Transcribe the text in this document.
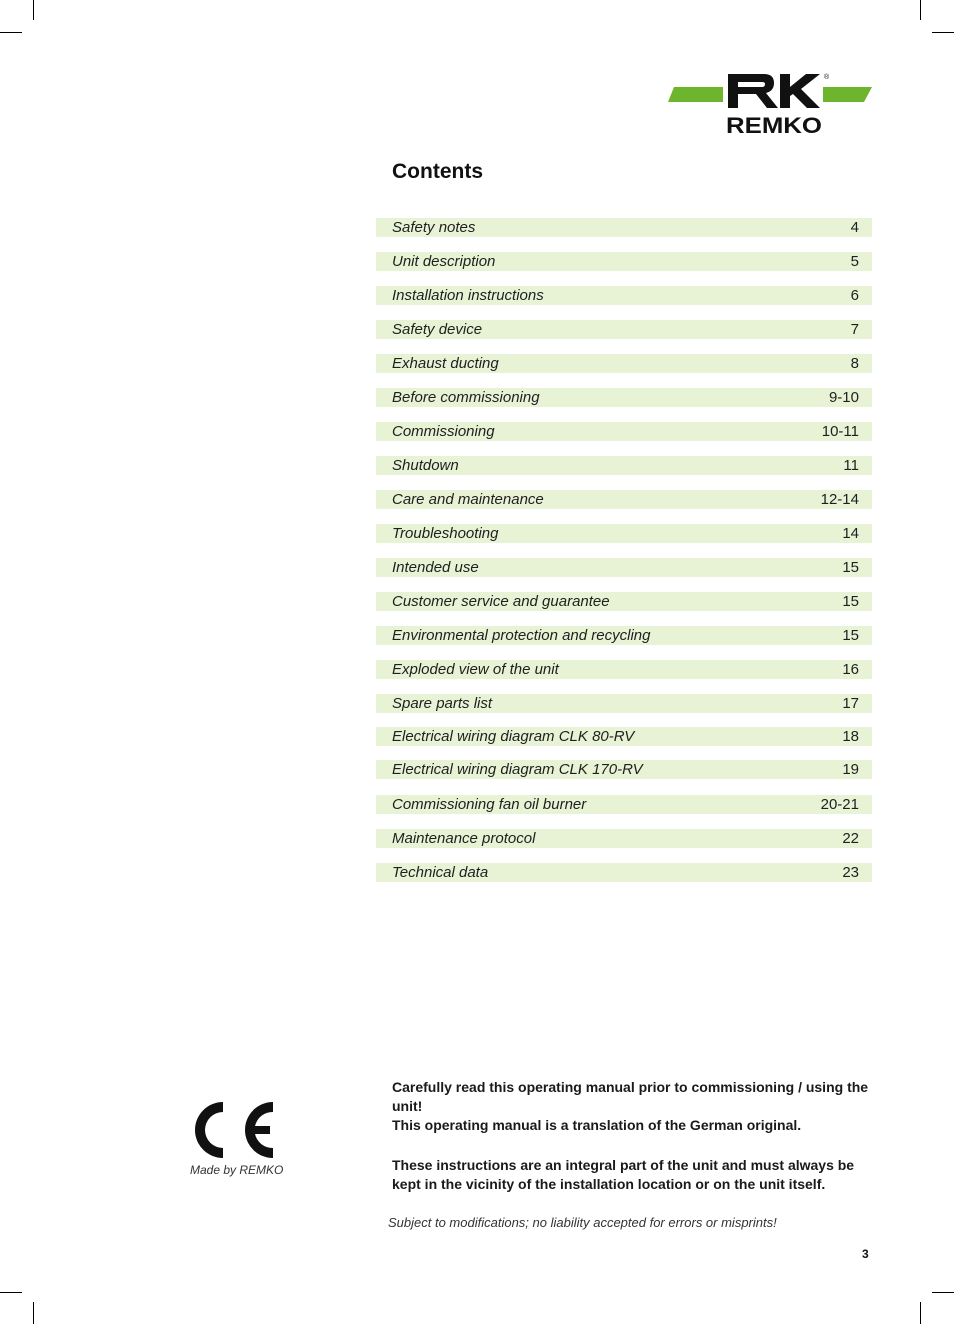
®
REMKO
Contents
Safety notes	4
Unit description	5
Installation instructions	6
Safety device	7
Exhaust ducting	8
Before commissioning	9-10
Commissioning	10-11
Shutdown	11
Care and maintenance	12-14
Troubleshooting	14
Intended use	15
Customer service and guarantee	15
Environmental protection and recycling	15
Exploded view of the unit	16
Spare parts list	17
Electrical wiring diagram CLK 80-RV	18
Electrical wiring diagram CLK 170-RV	19
Commissioning fan oil burner	20-21
Maintenance protocol	22
Technical data	23
Made by REMKO

Carefully read this operating manual prior to commissioning / using the unit!

This operating manual is a translation of the German original.

These instructions are an integral part of the unit and must always be kept in the vicinity of the installation location or on the unit itself.

Subject to modifications; no liability accepted for errors or misprints!
3
